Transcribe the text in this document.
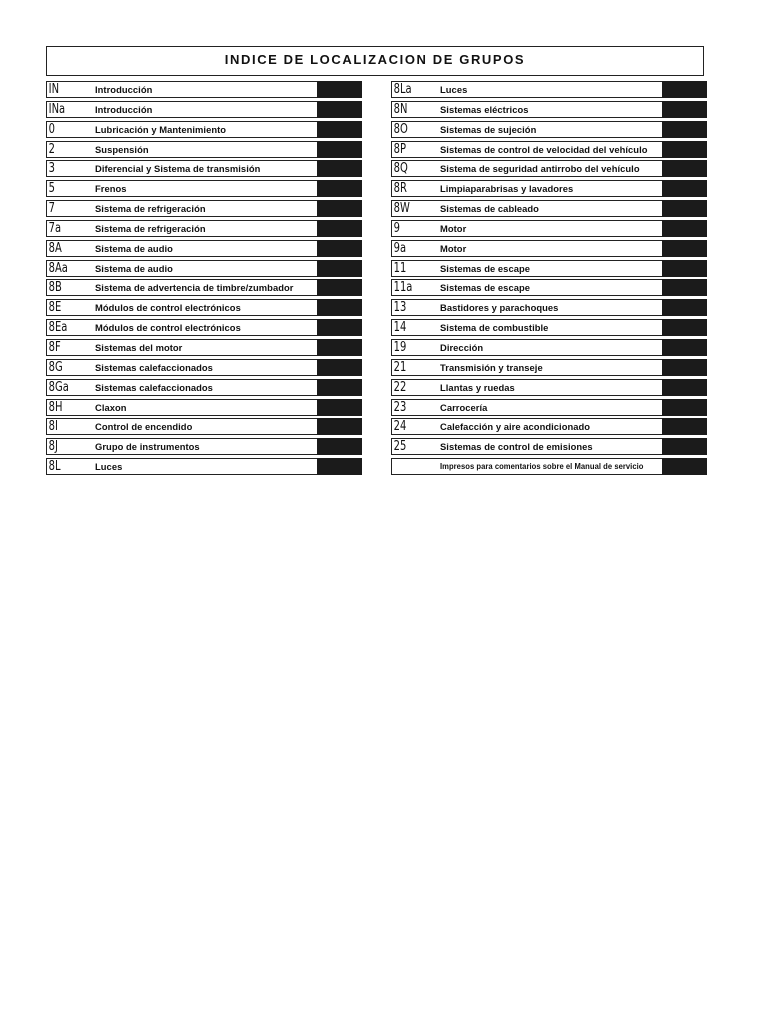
INDICE DE LOCALIZACION DE GRUPOS
IN	Introducción
INa	Introducción
0	Lubricación y Mantenimiento
2	Suspensión
3	Diferencial y Sistema de transmisión
5	Frenos
7	Sistema de refrigeración
7a	Sistema de refrigeración
8A	Sistema de audio
8Aa	Sistema de audio
8B	Sistema de advertencia de timbre/zumbador
8E	Módulos de control electrónicos
8Ea	Módulos de control electrónicos
8F	Sistemas del motor
8G	Sistemas calefaccionados
8Ga	Sistemas calefaccionados
8H	Claxon
8I	Control de encendido
8J	Grupo de instrumentos
8L	Luces
8La	Luces
8N	Sistemas eléctricos
8O	Sistemas de sujeción
8P	Sistemas de control de velocidad del vehículo
8Q	Sistema de seguridad antirrobo del vehículo
8R	Limpiaparabrisas y lavadores
8W	Sistemas de cableado
9	Motor
9a	Motor
11	Sistemas de escape
11a	Sistemas de escape
13	Bastidores y parachoques
14	Sistema de combustible
19	Dirección
21	Transmisión y transeje
22	Llantas y ruedas
23	Carrocería
24	Calefacción y aire acondicionado
25	Sistemas de control de emisiones
Impresos para comentarios sobre el Manual de servicio
